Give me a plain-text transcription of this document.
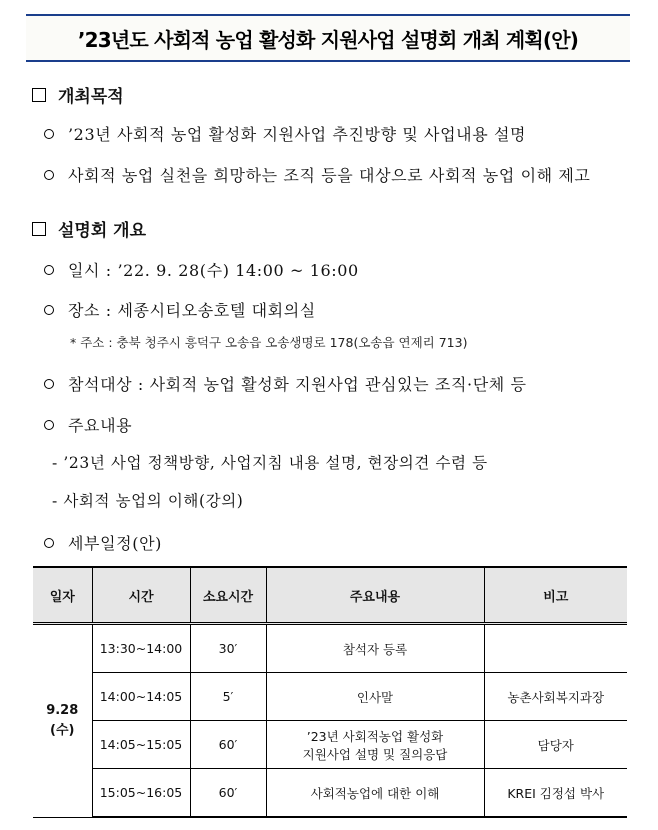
’23년도 사회적 농업 활성화 지원사업 설명회 개최 계획(안)
개최목적
’23년 사회적 농업 활성화 지원사업 추진방향 및 사업내용 설명
사회적 농업 실천을 희망하는 조직 등을 대상으로 사회적 농업 이해 제고
설명회 개요
일시 : ’22. 9. 28(수) 14:00 ~ 16:00
장소 : 세종시티오송호텔 대회의실
* 주소 : 충북 청주시 흥덕구 오송읍 오송생명로 178(오송읍 연제리 713)
참석대상 : 사회적 농업 활성화 지원사업 관심있는 조직·단체 등
주요내용
- ’23년 사업 정책방향, 사업지침 내용 설명, 현장의견 수렴 등
- 사회적 농업의 이해(강의)
세부일정(안)
일자	시간	소요시간	주요내용	비고

9.28
(수)	13:30~14:00	30′	참석자 등록	
	14:00~14:05	5′	인사말	농촌사회복지과장
	14:05~15:05	60′	’23년 사회적농업 활성화
지원사업 설명 및 질의응답	담당자
	15:05~16:05	60′	사회적농업에 대한 이해	KREI 김정섭 박사
